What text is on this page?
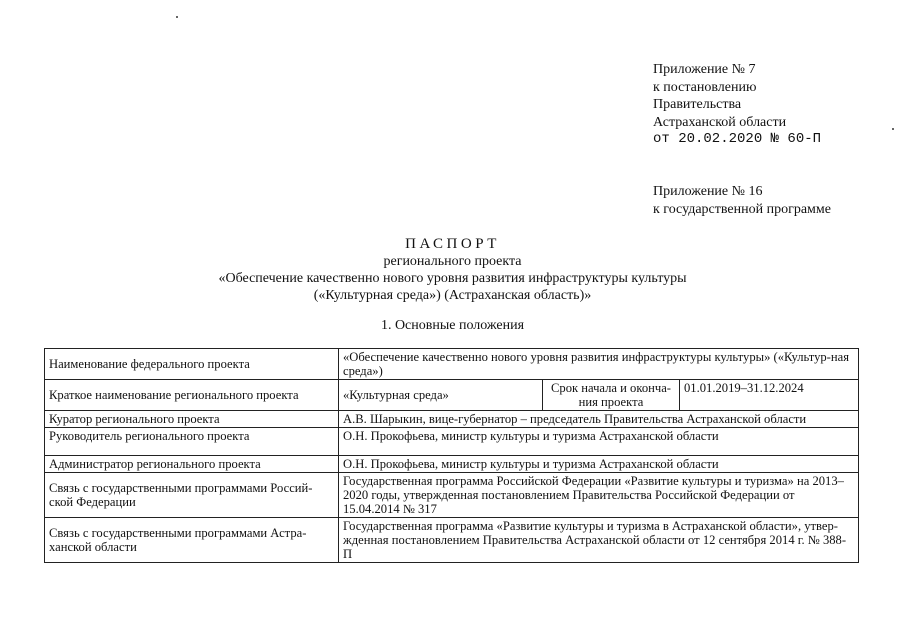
Приложение № 7
к постановлению
Правительства
Астраханской области
от 20.02.2020 № 60-П
Приложение № 16
к государственной программе
ПАСПОРТ
регионального проекта
«Обеспечение качественно нового уровня развития инфраструктуры культуры
(«Культурная среда») (Астраханская область)»
1. Основные положения
Наименование федерального проекта	«Обеспечение качественно нового уровня развития инфраструктуры культуры» («Культур-ная среда»)		
Краткое наименование регионального проекта	«Культурная среда»	Срок начала и оконча-ния проекта	01.01.2019–31.12.2024
Куратор регионального проекта	А.В. Шарыкин, вице-губернатор – председатель Правительства Астраханской области		
Руководитель регионального проекта	О.Н. Прокофьева, министр культуры и туризма Астраханской области		
Администратор регионального проекта	О.Н. Прокофьева, министр культуры и туризма Астраханской области		
Связь с государственными программами Россий-ской Федерации	Государственная программа Российской Федерации «Развитие культуры и туризма» на 2013–2020 годы, утвержденная постановлением Правительства Российской Федерации от 15.04.2014 № 317		
Связь с государственными программами Астра-ханской области	Государственная программа «Развитие культуры и туризма в Астраханской области», утвер-жденная постановлением Правительства Астраханской области от 12 сентября 2014 г. № 388-П		
